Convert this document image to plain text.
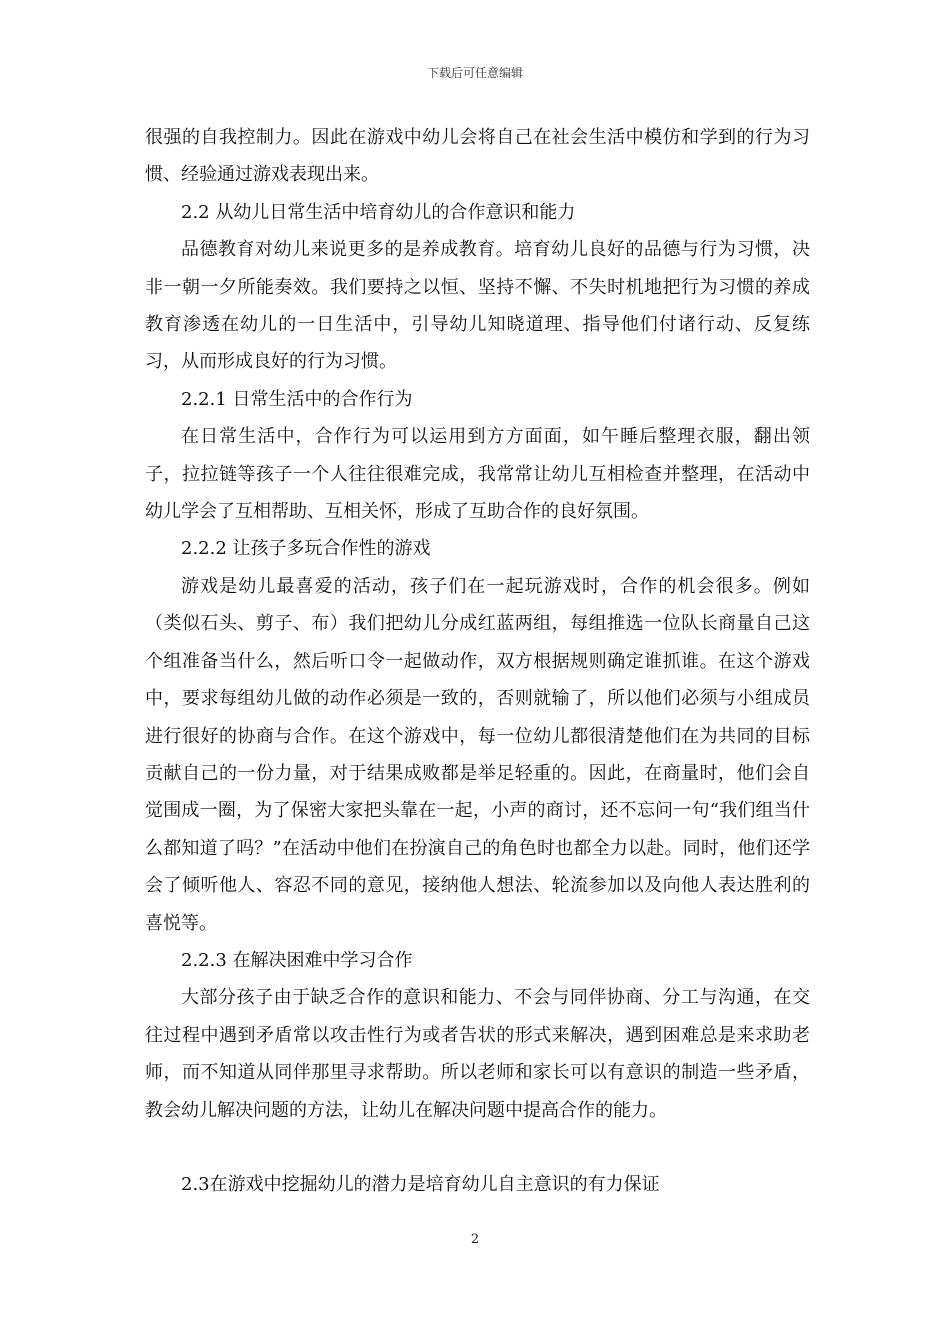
下载后可任意编辑

很强的自我控制力。因此在游戏中幼儿会将自己在社会生活中模仿和学到的行为习惯、经验通过游戏表现出来。

2.2 从幼儿日常生活中培育幼儿的合作意识和能力

品德教育对幼儿来说更多的是养成教育。培育幼儿良好的品德与行为习惯，决非一朝一夕所能奏效。我们要持之以恒、坚持不懈、不失时机地把行为习惯的养成教育渗透在幼儿的一日生活中，引导幼儿知晓道理、指导他们付诸行动、反复练习，从而形成良好的行为习惯。

2.2.1 日常生活中的合作行为

在日常生活中，合作行为可以运用到方方面面，如午睡后整理衣服，翻出领子，拉拉链等孩子一个人往往很难完成，我常常让幼儿互相检查并整理，在活动中幼儿学会了互相帮助、互相关怀，形成了互助合作的良好氛围。

2.2.2 让孩子多玩合作性的游戏

游戏是幼儿最喜爱的活动，孩子们在一起玩游戏时，合作的机会很多。例如（类似石头、剪子、布）我们把幼儿分成红蓝两组，每组推选一位队长商量自己这个组准备当什么，然后听口令一起做动作，双方根据规则确定谁抓谁。在这个游戏中，要求每组幼儿做的动作必须是一致的，否则就输了，所以他们必须与小组成员进行很好的协商与合作。在这个游戏中，每一位幼儿都很清楚他们在为共同的目标贡献自己的一份力量，对于结果成败都是举足轻重的。因此，在商量时，他们会自觉围成一圈，为了保密大家把头靠在一起，小声的商讨，还不忘问一句“我们组当什么都知道了吗？”在活动中他们在扮演自己的角色时也都全力以赴。同时，他们还学会了倾听他人、容忍不同的意见，接纳他人想法、轮流参加以及向他人表达胜利的喜悦等。

2.2.3 在解决困难中学习合作

大部分孩子由于缺乏合作的意识和能力、不会与同伴协商、分工与沟通，在交往过程中遇到矛盾常以攻击性行为或者告状的形式来解决，遇到困难总是来求助老师，而不知道从同伴那里寻求帮助。所以老师和家长可以有意识的制造一些矛盾，教会幼儿解决问题的方法，让幼儿在解决问题中提高合作的能力。

2.3在游戏中挖掘幼儿的潜力是培育幼儿自主意识的有力保证

2
